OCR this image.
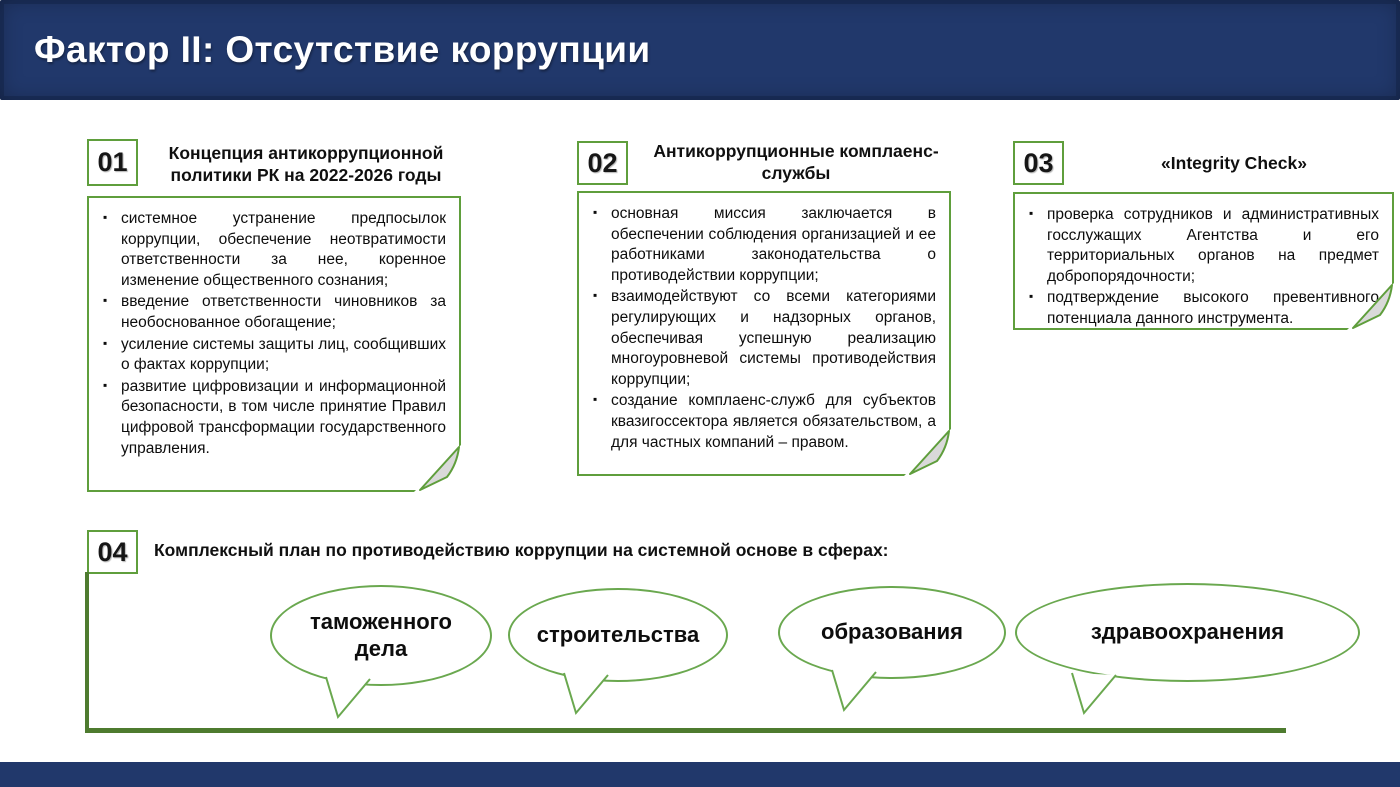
Фактор II: Отсутствие коррупции
01	Концепция антикоррупционной политики РК на 2022-2026 годы
▪ системное устранение предпосылок коррупции, обеспечение неотвратимости ответственности за нее, коренное изменение общественного сознания;
▪ введение ответственности чиновников за необоснованное обогащение;
▪ усиление системы защиты лиц, сообщивших о фактах коррупции;
▪ развитие цифровизации и информационной безопасности, в том числе принятие Правил цифровой трансформации государственного управления.
02	Антикоррупционные комплаенс-службы
▪ основная миссия заключается в обеспечении соблюдения организацией и ее работниками законодательства о противодействии коррупции;
▪ взаимодействуют со всеми категориями регулирующих и надзорных органов, обеспечивая успешную реализацию многоуровневой системы противодействия коррупции;
▪ создание комплаенс-служб для субъектов квазигоссектора является обязательством, а для частных компаний – правом.
03	«Integrity Check»
▪ проверка сотрудников и административных госслужащих Агентства и его территориальных органов на предмет добропорядочности;
▪ подтверждение высокого превентивного потенциала данного инструмента.
04	Комплексный план по противодействию коррупции на системной основе в сферах:
таможенного дела
строительства	образования	здравоохранения
